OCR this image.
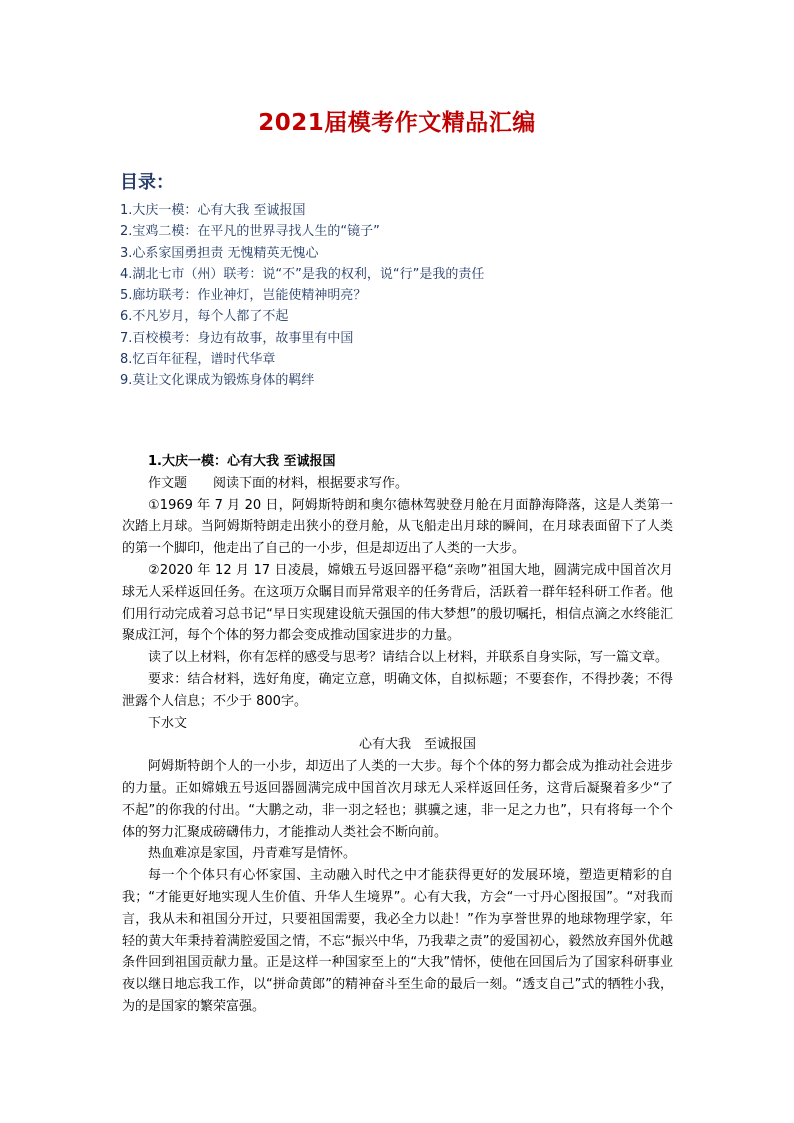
2021届模考作文精品汇编
目录：
1.大庆一模：心有大我 至诚报国
2.宝鸡二模：在平凡的世界寻找人生的“镜子”
3.心系家国勇担责 无愧精英无愧心
4.湖北七市（州）联考：说“不”是我的权利，说“行”是我的责任
5.廊坊联考：作业神灯，岂能使精神明亮？
6.不凡岁月，每个人都了不起
7.百校模考：身边有故事，故事里有中国
8.忆百年征程，谱时代华章
9.莫让文化课成为锻炼身体的羁绊

1.大庆一模：心有大我 至诚报国

作文题 阅读下面的材料，根据要求写作。

①1969 年 7 月 20 日，阿姆斯特朗和奥尔德林驾驶登月舱在月面静海降落，这是人类第一次踏上月球。当阿姆斯特朗走出狭小的登月舱，从飞船走出月球的瞬间，在月球表面留下了人类的第一个脚印，他走出了自己的一小步，但是却迈出了人类的一大步。

②2020 年 12 月 17 日凌晨，嫦娥五号返回器平稳“亲吻”祖国大地，圆满完成中国首次月球无人采样返回任务。在这项万众瞩目而异常艰辛的任务背后，活跃着一群年轻科研工作者。他们用行动完成着习总书记“早日实现建设航天强国的伟大梦想”的殷切嘱托，相信点滴之水终能汇聚成江河，每个个体的努力都会变成推动国家进步的力量。

读了以上材料，你有怎样的感受与思考？请结合以上材料，并联系自身实际，写一篇文章。

要求：结合材料，选好角度，确定立意，明确文体，自拟标题；不要套作，不得抄袭；不得泄露个人信息；不少于 800字。

下水文

心有大我　至诚报国

阿姆斯特朗个人的一小步，却迈出了人类的一大步。每个个体的努力都会成为推动社会进步的力量。正如嫦娥五号返回器圆满完成中国首次月球无人采样返回任务，这背后凝聚着多少“了不起”的你我的付出。“大鹏之动，非一羽之轻也；骐骥之速，非一足之力也”，只有将每一个个体的努力汇聚成磅礴伟力，才能推动人类社会不断向前。

热血难凉是家国，丹青难写是情怀。

每一个个体只有心怀家国、主动融入时代之中才能获得更好的发展环境，塑造更精彩的自我；“才能更好地实现人生价值、升华人生境界”。心有大我，方会“一寸丹心图报国”。“对我而言，我从未和祖国分开过，只要祖国需要，我必全力以赴！”作为享誉世界的地球物理学家，年轻的黄大年秉持着满腔爱国之情，不忘“振兴中华，乃我辈之责”的爱国初心，毅然放弃国外优越条件回到祖国贡献力量。正是这样一种国家至上的“大我”情怀，使他在回国后为了国家科研事业夜以继日地忘我工作，以“拼命黄郎”的精神奋斗至生命的最后一刻。“透支自己”式的牺牲小我，为的是国家的繁荣富强。
